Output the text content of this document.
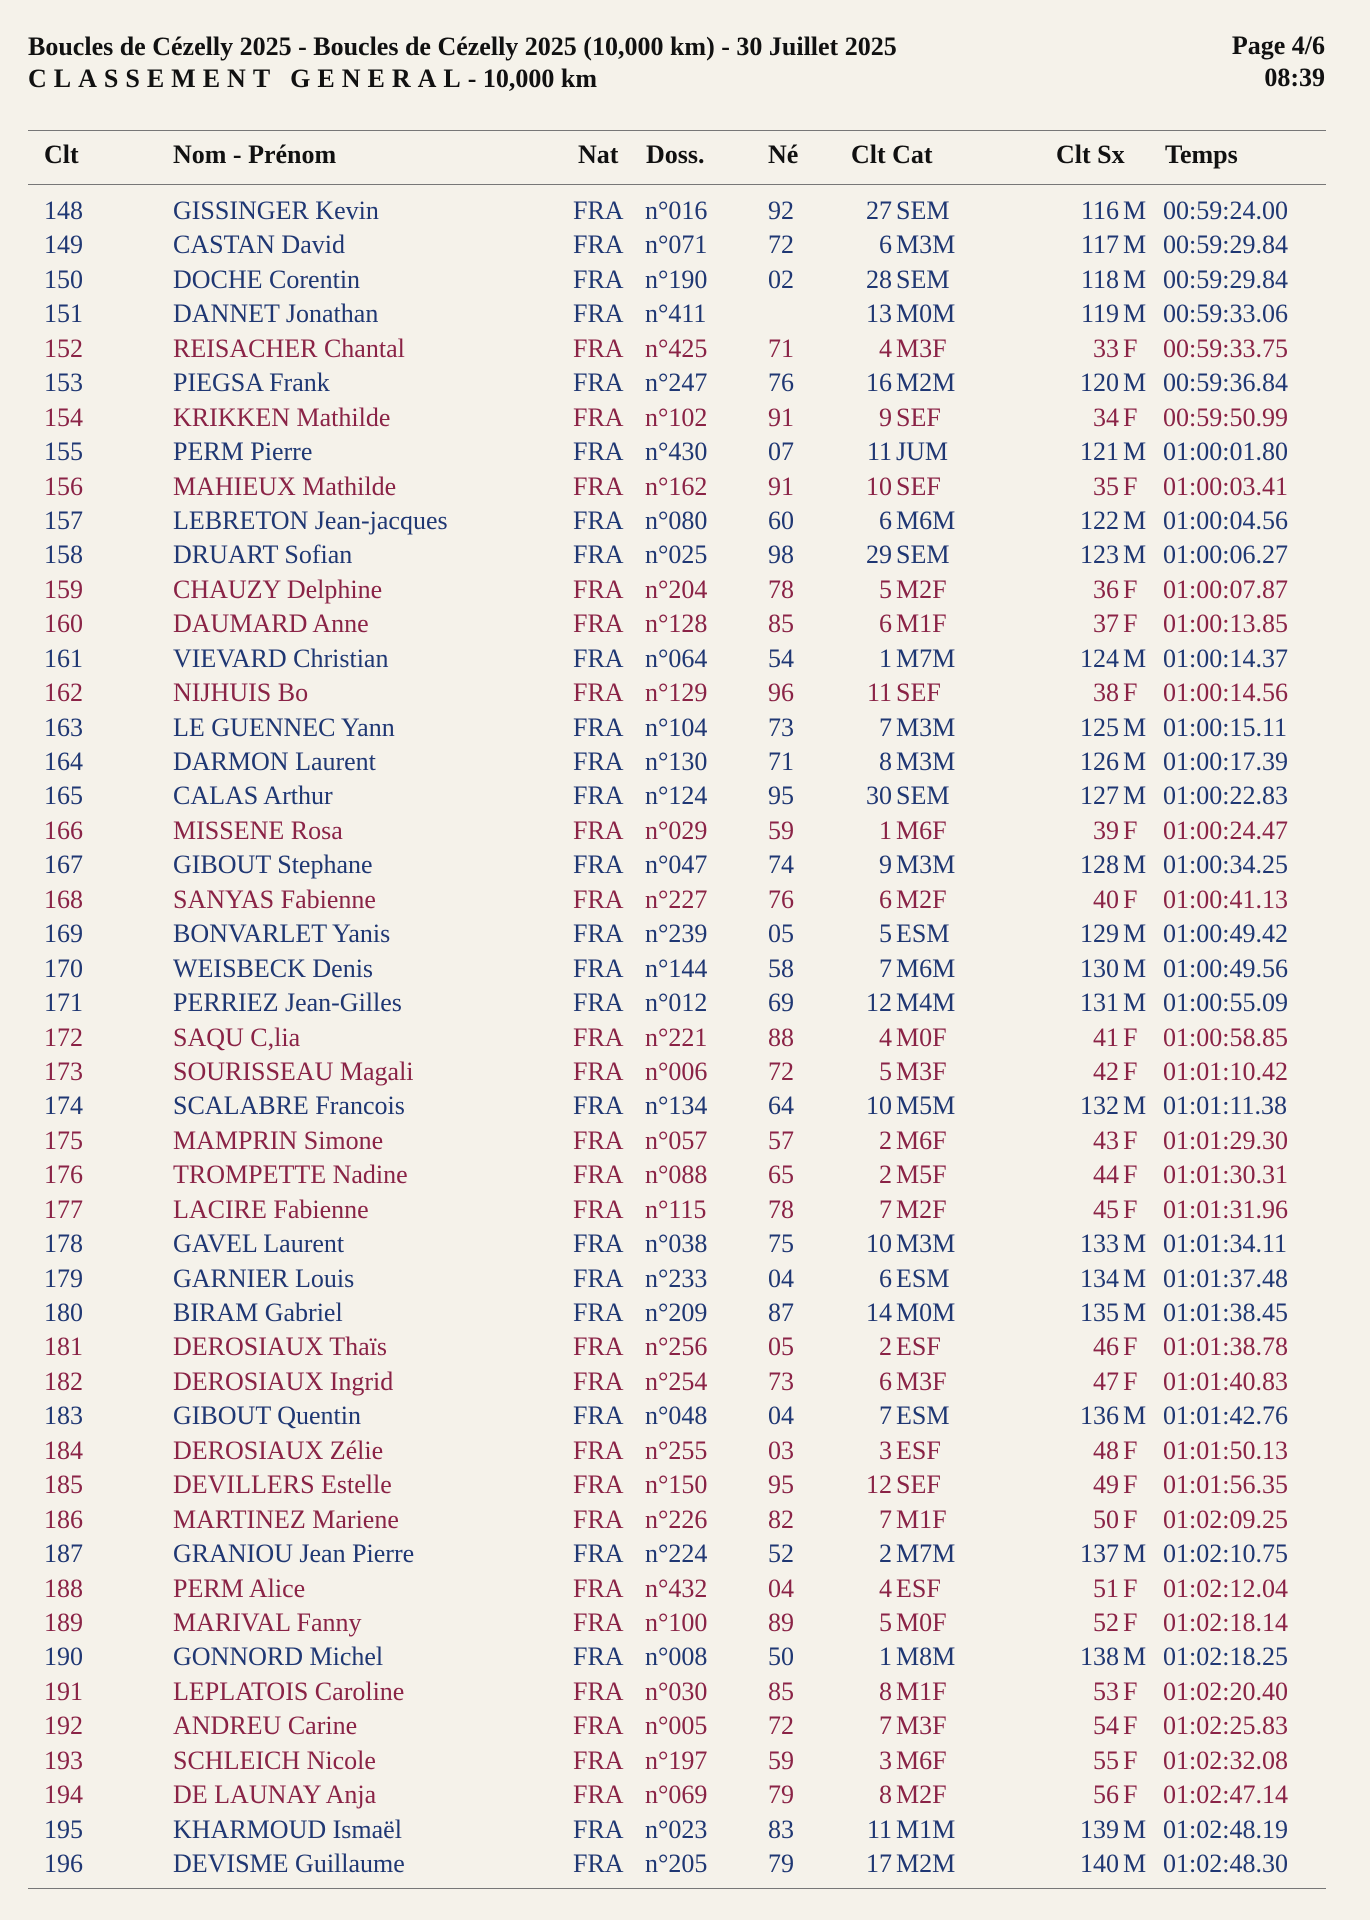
Boucles de Cézelly 2025 - Boucles de Cézelly 2025 (10,000 km) - 30 Juillet 2025
CLASSEMENT GENERAL- 10,000 km
Page 4/6
08:39
Clt	Nom - Prénom	Nat Doss. Né Clt Cat	Clt Sx Temps
148	GISSINGER Kevin	FRA n°016 92	27 SEM	116 M 00:59:24.00
149	CASTAN David	FRA n°071 72	6 M3M	117 M 00:59:29.84
150	DOCHE Corentin	FRA n°190 02	28 SEM	118 M 00:59:29.84
151	DANNET Jonathan	FRA n°411	13 M0M	119 M 00:59:33.06
152	REISACHER Chantal	FRA n°425 71	4 M3F	33 F 00:59:33.75
153	PIEGSA Frank	FRA n°247 76	16 M2M	120 M 00:59:36.84
154	KRIKKEN Mathilde	FRA n°102 91	9 SEF	34 F 00:59:50.99
155	PERM Pierre	FRA n°430 07	11 JUM	121 M 01:00:01.80
156	MAHIEUX Mathilde	FRA n°162 91	10 SEF	35 F 01:00:03.41
157	LEBRETON Jean-jacques	FRA n°080 60	6 M6M	122 M 01:00:04.56
158	DRUART Sofian	FRA n°025 98	29 SEM	123 M 01:00:06.27
159	CHAUZY Delphine	FRA n°204 78	5 M2F	36 F 01:00:07.87
160	DAUMARD Anne	FRA n°128 85	6 M1F	37 F 01:00:13.85
161	VIEVARD Christian	FRA n°064 54	1 M7M	124 M 01:00:14.37
162	NIJHUIS Bo	FRA n°129 96	11 SEF	38 F 01:00:14.56
163	LE GUENNEC Yann	FRA n°104 73	7 M3M	125 M 01:00:15.11
164	DARMON Laurent	FRA n°130 71	8 M3M	126 M 01:00:17.39
165	CALAS Arthur	FRA n°124 95	30 SEM	127 M 01:00:22.83
166	MISSENE Rosa	FRA n°029 59	1 M6F	39 F 01:00:24.47
167	GIBOUT Stephane	FRA n°047 74	9 M3M	128 M 01:00:34.25
168	SANYAS Fabienne	FRA n°227 76	6 M2F	40 F 01:00:41.13
169	BONVARLET Yanis	FRA n°239 05	5 ESM	129 M 01:00:49.42
170	WEISBECK Denis	FRA n°144 58	7 M6M	130 M 01:00:49.56
171	PERRIEZ Jean-Gilles	FRA n°012 69	12 M4M	131 M 01:00:55.09
172	SAQU C,lia	FRA n°221 88	4 M0F	41 F 01:00:58.85
173	SOURISSEAU Magali	FRA n°006 72	5 M3F	42 F 01:01:10.42
174	SCALABRE Francois	FRA n°134 64	10 M5M	132 M 01:01:11.38
175	MAMPRIN Simone	FRA n°057 57	2 M6F	43 F 01:01:29.30
176	TROMPETTE Nadine	FRA n°088 65	2 M5F	44 F 01:01:30.31
177	LACIRE Fabienne	FRA n°115 78	7 M2F	45 F 01:01:31.96
178	GAVEL Laurent	FRA n°038 75	10 M3M	133 M 01:01:34.11
179	GARNIER Louis	FRA n°233 04	6 ESM	134 M 01:01:37.48
180	BIRAM Gabriel	FRA n°209 87	14 M0M	135 M 01:01:38.45
181	DEROSIAUX Thaïs	FRA n°256 05	2 ESF	46 F 01:01:38.78
182	DEROSIAUX Ingrid	FRA n°254 73	6 M3F	47 F 01:01:40.83
183	GIBOUT Quentin	FRA n°048 04	7 ESM	136 M 01:01:42.76
184	DEROSIAUX Zélie	FRA n°255 03	3 ESF	48 F 01:01:50.13
185	DEVILLERS Estelle	FRA n°150 95	12 SEF	49 F 01:01:56.35
186	MARTINEZ Mariene	FRA n°226 82	7 M1F	50 F 01:02:09.25
187	GRANIOU Jean Pierre	FRA n°224 52	2 M7M	137 M 01:02:10.75
188	PERM Alice	FRA n°432 04	4 ESF	51 F 01:02:12.04
189	MARIVAL Fanny	FRA n°100 89	5 M0F	52 F 01:02:18.14
190	GONNORD Michel	FRA n°008 50	1 M8M	138 M 01:02:18.25
191	LEPLATOIS Caroline	FRA n°030 85	8 M1F	53 F 01:02:20.40
192	ANDREU Carine	FRA n°005 72	7 M3F	54 F 01:02:25.83
193	SCHLEICH Nicole	FRA n°197 59	3 M6F	55 F 01:02:32.08
194	DE LAUNAY Anja	FRA n°069 79	8 M2F	56 F 01:02:47.14
195	KHARMOUD Ismaël	FRA n°023 83	11 M1M	139 M 01:02:48.19
196	DEVISME Guillaume	FRA n°205 79	17 M2M	140 M 01:02:48.30
